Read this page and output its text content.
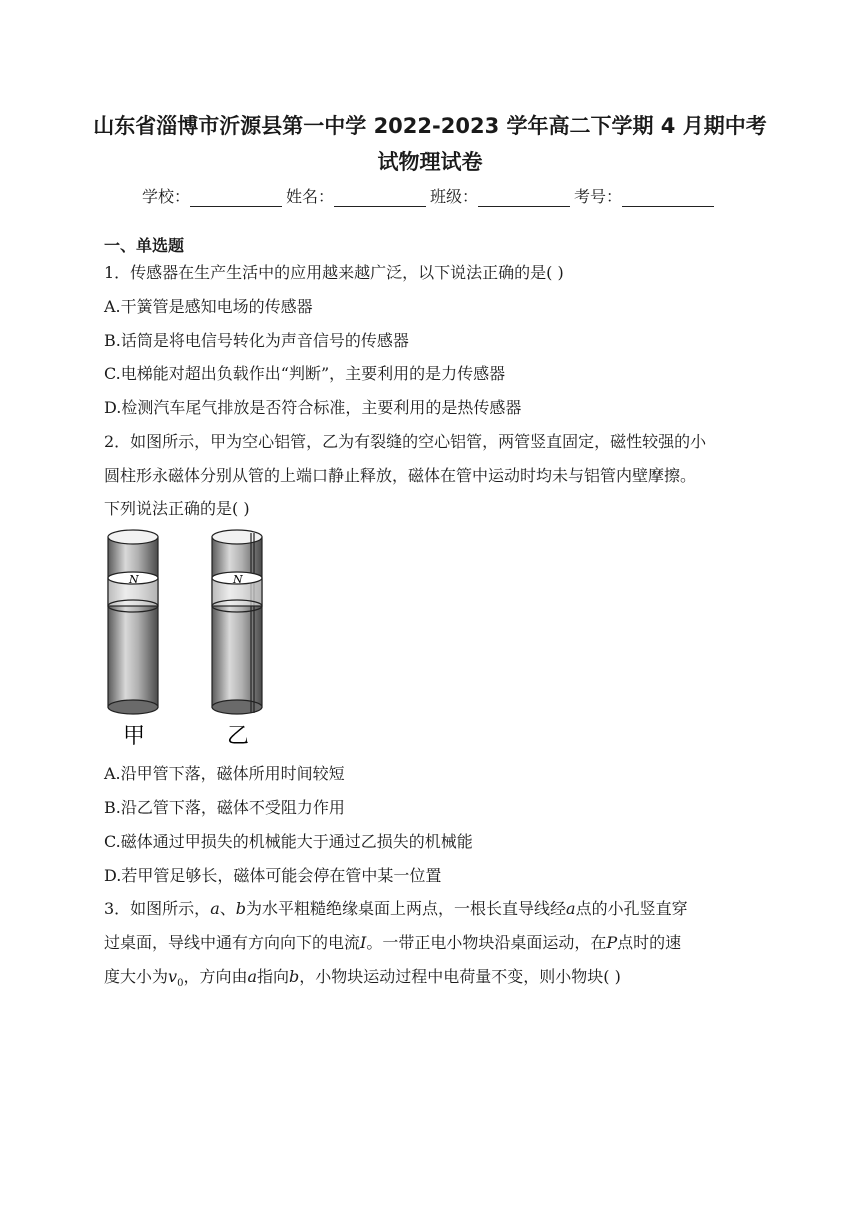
山东省淄博市沂源县第一中学 2022-2023 学年高二下学期 4 月期中考
试物理试卷
学校：	姓名：	班级：	考号：
一、单选题
1．传感器在生产生活中的应用越来越广泛，以下说法正确的是( )
A.干簧管是感知电场的传感器
B.话筒是将电信号转化为声音信号的传感器
C.电梯能对超出负载作出“判断”，主要利用的是力传感器
D.检测汽车尾气排放是否符合标准，主要利用的是热传感器
2．如图所示，甲为空心铝管，乙为有裂缝的空心铝管，两管竖直固定，磁性较强的小
圆柱形永磁体分别从管的上端口静止释放，磁体在管中运动时均未与铝管内壁摩擦。
下列说法正确的是( )
N	N
甲	乙
A.沿甲管下落，磁体所用时间较短
B.沿乙管下落，磁体不受阻力作用
C.磁体通过甲损失的机械能大于通过乙损失的机械能
D.若甲管足够长，磁体可能会停在管中某一位置
3．如图所示，a、b为水平粗糙绝缘桌面上两点，一根长直导线经a点的小孔竖直穿
过桌面，导线中通有方向向下的电流I。一带正电小物块沿桌面运动，在P点时的速
度大小为$v_0$，方向由a指向b，小物块运动过程中电荷量不变，则小物块( )
